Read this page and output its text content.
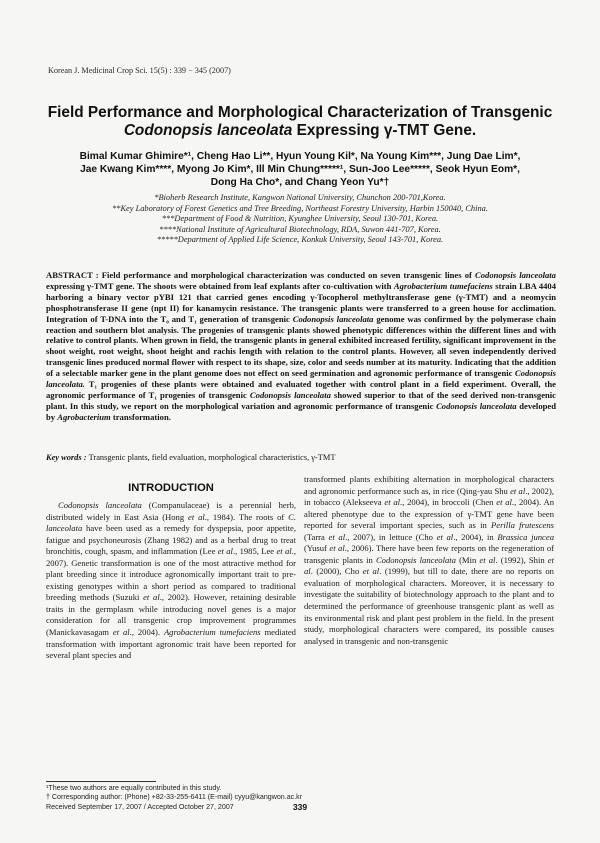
Korean J. Medicinal Crop Sci. 15(5) : 339 − 345 (2007)
Field Performance and Morphological Characterization of Transgenic
Codonopsis lanceolata Expressing γ-TMT Gene.
Bimal Kumar Ghimire*¹, Cheng Hao Li**, Hyun Young Kil*, Na Young Kim***, Jung Dae Lim*,
Jae Kwang Kim****, Myong Jo Kim*, Ill Min Chung*****¹, Sun-Joo Lee*****, Seok Hyun Eom*,
Dong Ha Cho*, and Chang Yeon Yu*†
*Bioherb Research Institute, Kangwon National University, Chunchon 200-701,Korea.
**Key Laboratory of Forest Genetics and Tree Breeding, Northeast Forestry University, Harbin 150040, China.
***Department of Food & Nutrition, Kyunghee University, Seoul 130-701, Korea.
****National Institute of Agricultural Biotechnology, RDA, Suwon 441-707, Korea.
*****Department of Applied Life Science, Konkuk University, Seoul 143-701, Korea.
ABSTRACT : Field performance and morphological characterization was conducted on seven transgenic lines of Codonopsis lanceolata expressing γ-TMT gene. The shoots were obtained from leaf explants after co-cultivation with Agrobacterium tumefaciens strain LBA 4404 harboring a binary vector pYBI 121 that carried genes encoding γ-Tocopherol methyltransferase gene (γ-TMT) and a neomycin phosphotransferase II gene (npt II) for kanamycin resistance. The transgenic plants were transferred to a green house for acclimation. Integration of T-DNA into the T₀ and T₁ generation of transgenic Codonopsis lanceolata genome was confirmed by the polymerase chain reaction and southern blot analysis. The progenies of transgenic plants showed phenotypic differences within the different lines and with relative to control plants. When grown in field, the transgenic plants in general exhibited increased fertility, significant improvement in the shoot weight, root weight, shoot height and rachis length with relation to the control plants. However, all seven independently derived transgenic lines produced normal flower with respect to its shape, size, color and seeds number at its maturity. Indicating that the addition of a selectable marker gene in the plant genome does not effect on seed germination and agronomic performance of transgenic Codonopsis lanceolata. T₁ progenies of these plants were obtained and evaluated together with control plant in a field experiment. Overall, the agronomic performance of T₁ progenies of transgenic Codonopsis lanceolata showed superior to that of the seed derived non-transgenic plant. In this study, we report on the morphological variation and agronomic performance of transgenic Codonopsis lanceolata developed by Agrobacterium transformation.
Key words : Transgenic plants, field evaluation, morphological characteristics, γ-TMT
INTRODUCTION
Codonopsis lanceolata (Companulaceae) is a perennial herb, distributed widely in East Asia (Hong et al., 1984). The roots of C. lanceolata have been used as a remedy for dyspepsia, poor appetite, fatigue and psychoneurosis (Zhang 1982) and as a herbal drug to treat bronchitis, cough, spasm, and inflammation (Lee et al., 1985, Lee et al., 2007). Genetic transformation is one of the most attractive method for plant breeding since it introduce agronomically important trait to pre-existing genotypes within a short period as compared to traditional breeding methods (Suzuki et al., 2002). However, retaining desirable traits in the germplasm while introducing novel genes is a major consideration for all transgenic crop improvement programmes (Manickavasagam et al., 2004). Agrobacterium tumefaciens mediated transformation with important agronomic trait have been reported for several plant species and
transformed plants exhibiting alternation in morphological characters and agronomic performance such as, in rice (Qing-yau Shu et al., 2002), in tobacco (Alekseeva et al., 2004), in broccoli (Chen et al., 2004). An altered phenotype due to the expression of γ-TMT gene have been reported for several important species, such as in Perilla frutescens (Tarra et al., 2007), in lettuce (Cho et al., 2004), in Brassica juncea (Yusuf et al., 2006). There have been few reports on the regeneration of transgenic plants in Codonopsis lanceolata (Min et al. (1992), Shin et al. (2000), Cho et al. (1999), but till to date, there are no reports on evaluation of morphological characters. Moreover, it is necessary to investigate the suitability of biotechnology approach to the plant and to determined the performance of greenhouse transgenic plant as well as its environmental risk and plant pest problem in the field. In the present study, morphological characters were compared, its possible causes analysed in transgenic and non-transgenic
¹These two authors are equally contributed in this study.
† Corresponding author: (Phone) +82-33-255-6411 (E-mail) cyyu@kangwon.ac.kr
Received September 17, 2007 / Accepted October 27, 2007	339
